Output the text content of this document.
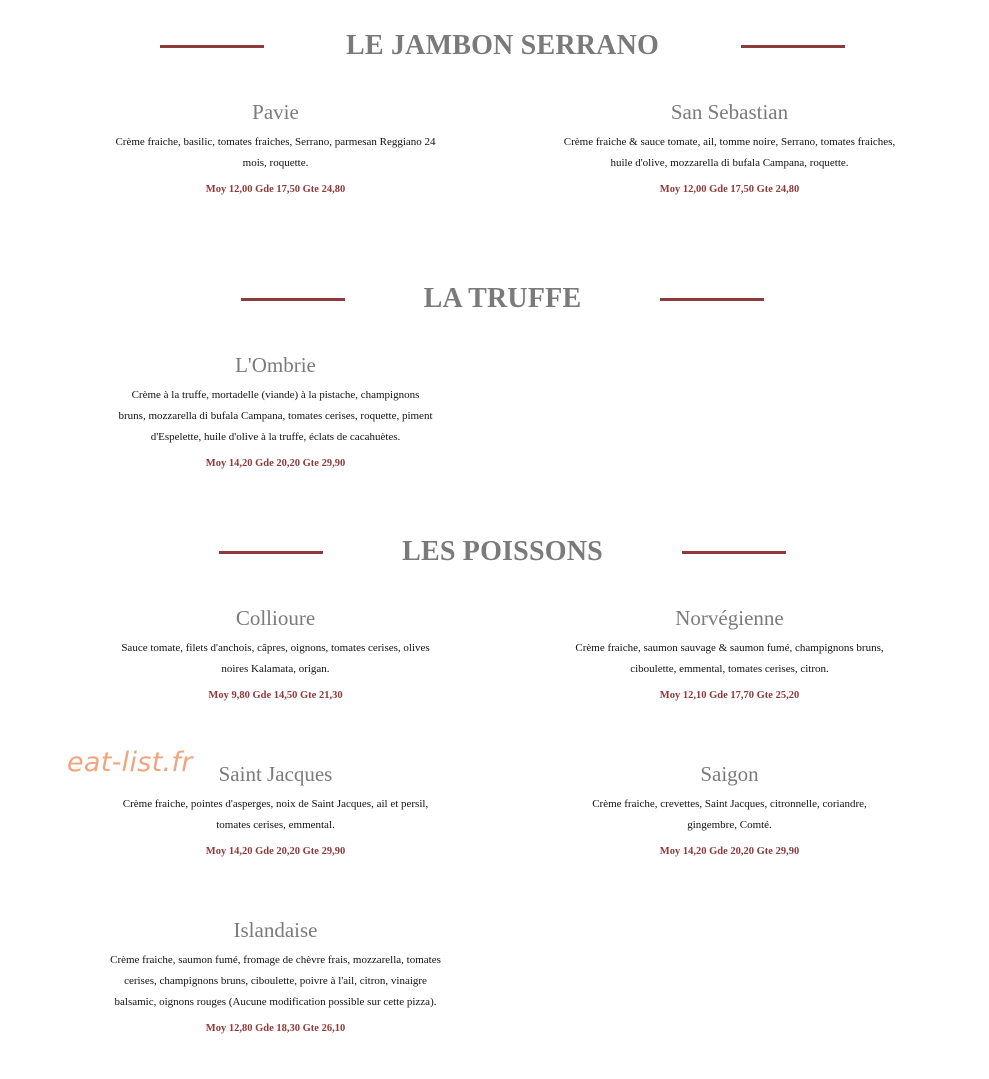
LE JAMBON SERRANO
Pavie
Crème fraiche, basilic, tomates fraiches, Serrano, parmesan Reggiano 24 mois, roquette.
Moy 12,00 Gde 17,50 Gte 24,80
San Sebastian
Crème fraiche & sauce tomate, ail, tomme noire, Serrano, tomates fraiches, huile d'olive, mozzarella di bufala Campana, roquette.
Moy 12,00 Gde 17,50 Gte 24,80
LA TRUFFE
L'Ombrie
Crème à la truffe, mortadelle (viande) à la pistache, champignons bruns, mozzarella di bufala Campana, tomates cerises, roquette, piment d'Espelette, huile d'olive à la truffe, éclats de cacahuètes.
Moy 14,20 Gde 20,20 Gte 29,90
LES POISSONS
Collioure
Sauce tomate, filets d'anchois, câpres, oignons, tomates cerises, olives noires Kalamata, origan.
Moy 9,80 Gde 14,50 Gte 21,30
Norvégienne
Crème fraiche, saumon sauvage & saumon fumé, champignons bruns, ciboulette, emmental, tomates cerises, citron.
Moy 12,10 Gde 17,70 Gte 25,20
Saint Jacques
Crème fraiche, pointes d'asperges, noix de Saint Jacques, ail et persil, tomates cerises, emmental.
Moy 14,20 Gde 20,20 Gte 29,90
Saigon
Crème fraiche, crevettes, Saint Jacques, citronnelle, coriandre, gingembre, Comté.
Moy 14,20 Gde 20,20 Gte 29,90
Islandaise
Crème fraiche, saumon fumé, fromage de chèvre frais, mozzarella, tomates cerises, champignons bruns, ciboulette, poivre à l'ail, citron, vinaigre balsamic, oignons rouges (Aucune modification possible sur cette pizza).
Moy 12,80 Gde 18,30 Gte 26,10
eat-list.fr
